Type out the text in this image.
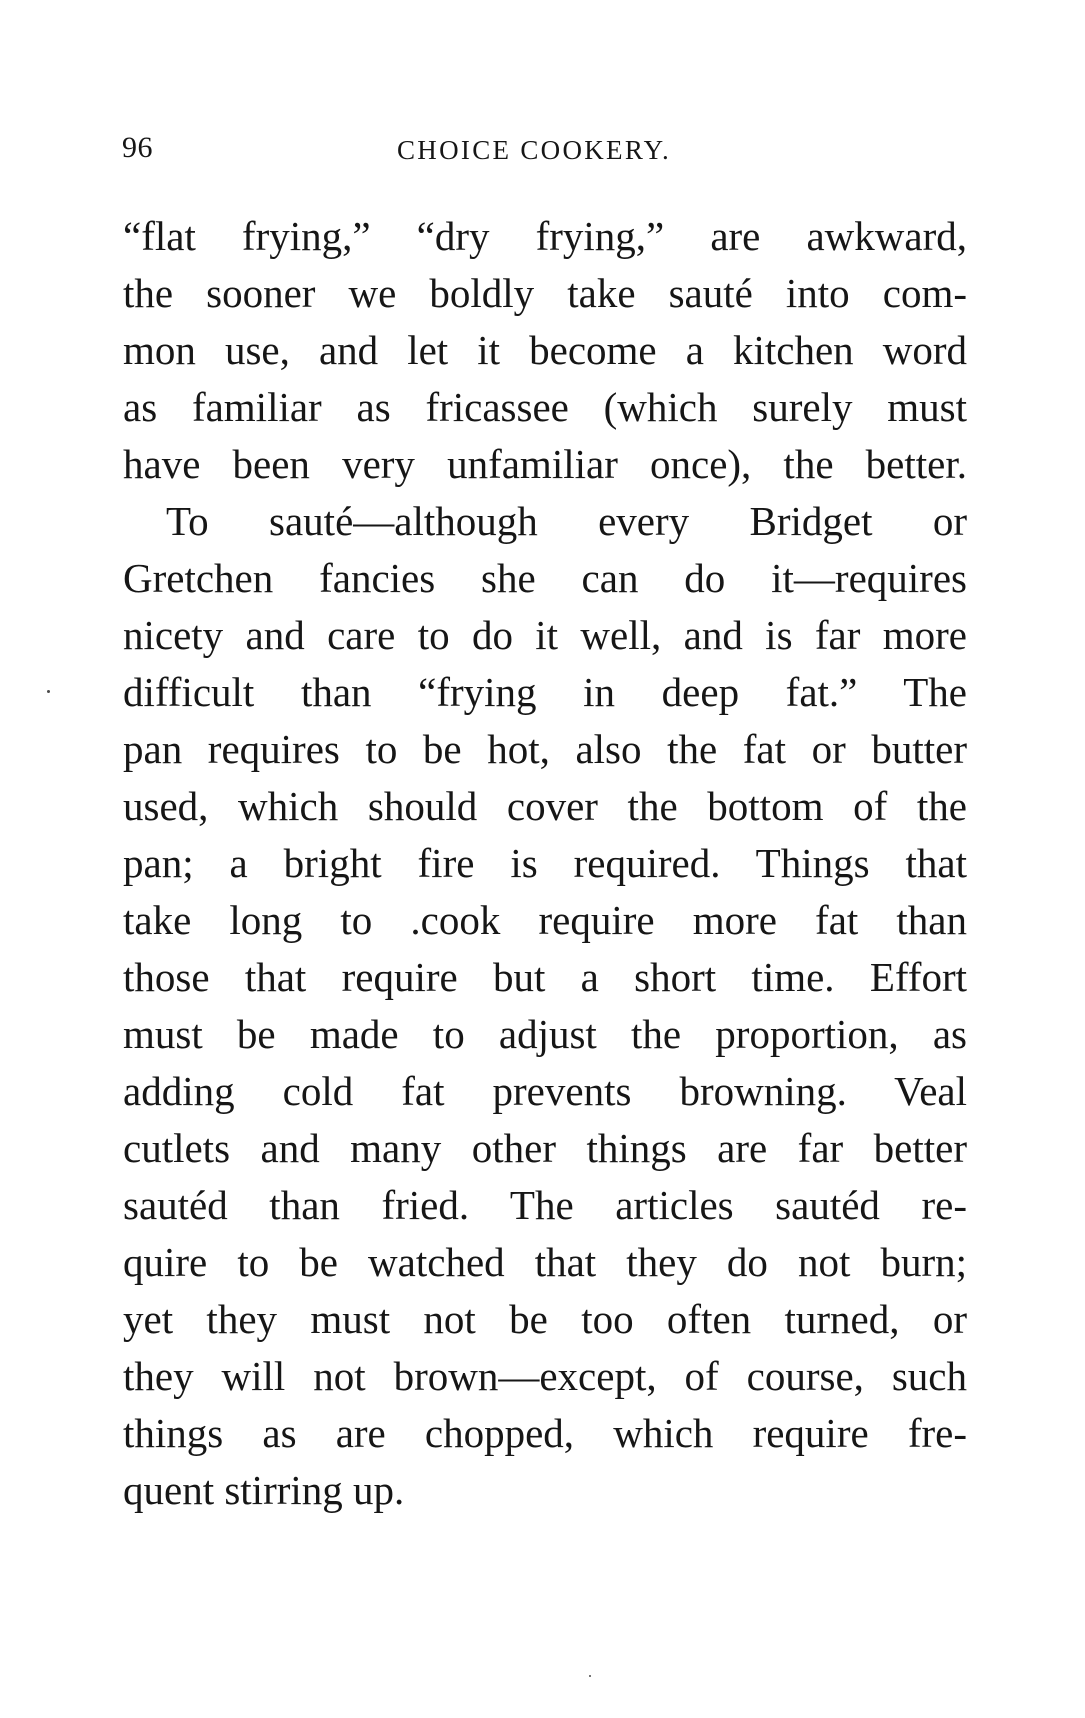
96	CHOICE COOKERY.
“flat frying,” “dry frying,” are awkward,
the sooner we boldly take sauté into com-
mon use, and let it become a kitchen word
as familiar as fricassee (which surely must
have been very unfamiliar once), the better.
To sauté—although every Bridget or
Gretchen fancies she can do it—requires
nicety and care to do it well, and is far more
difficult than “frying in deep fat.” The
pan requires to be hot, also the fat or butter
used, which should cover the bottom of the
pan; a bright fire is required. Things that
take long to .cook require more fat than
those that require but a short time. Effort
must be made to adjust the proportion, as
adding cold fat prevents browning. Veal
cutlets and many other things are far better
sautéd than fried. The articles sautéd re-
quire to be watched that they do not burn;
yet they must not be too often turned, or
they will not brown—except, of course, such
things as are chopped, which require fre-
quent stirring up.
